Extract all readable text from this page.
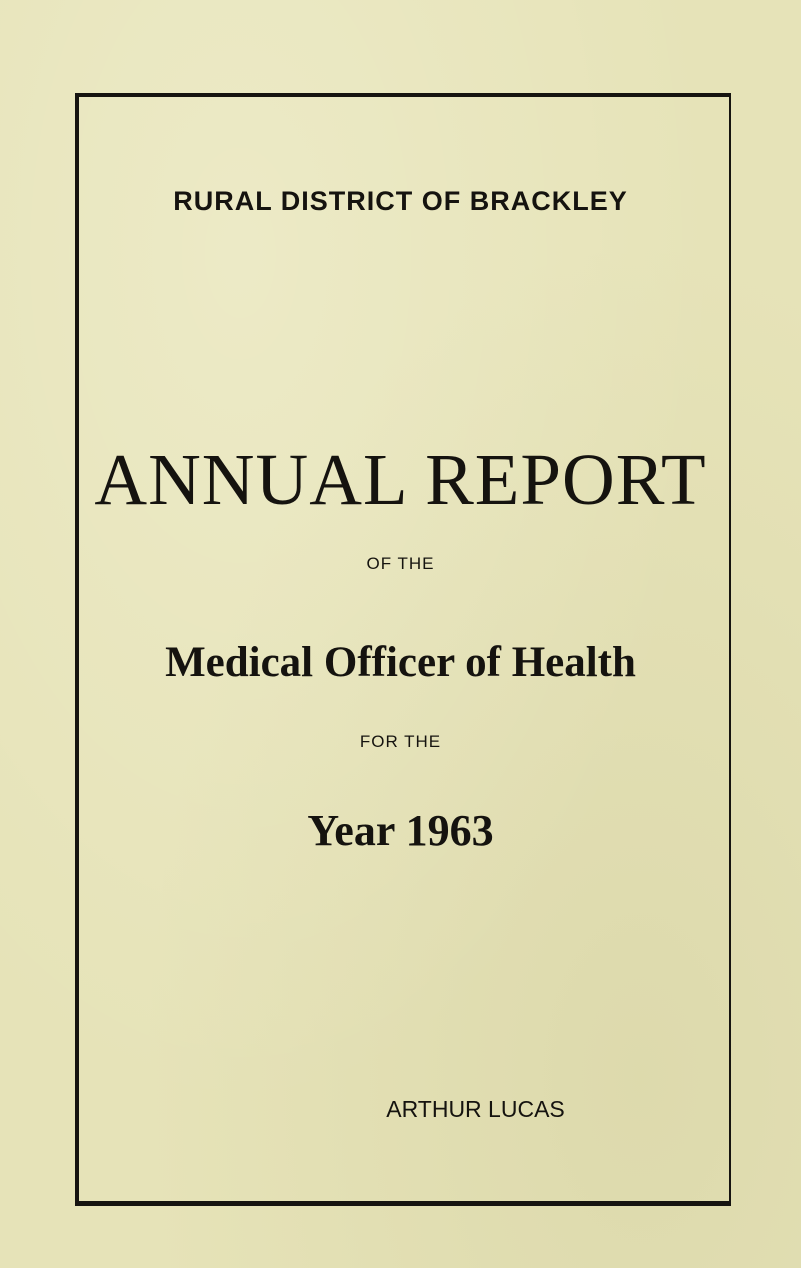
RURAL DISTRICT OF BRACKLEY
ANNUAL REPORT
OF THE
Medical Officer of Health
FOR THE
Year 1963
ARTHUR LUCAS
